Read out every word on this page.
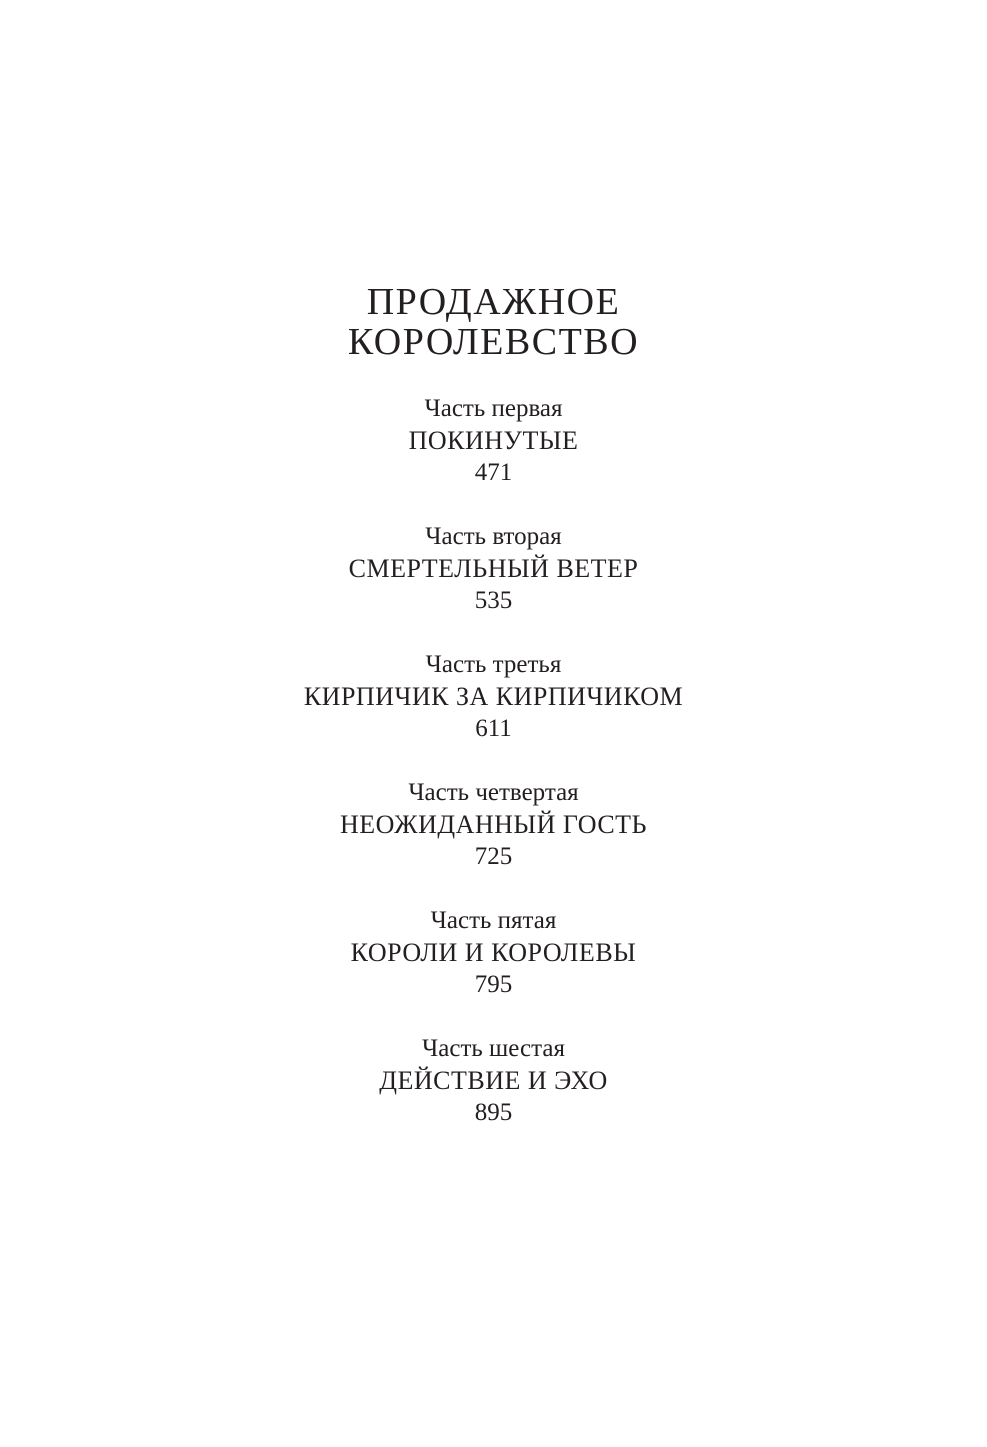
ПРОДАЖНОЕ
КОРОЛЕВСТВО
Часть первая
ПОКИНУТЫЕ
471
Часть вторая
СМЕРТЕЛЬНЫЙ ВЕТЕР
535
Часть третья
КИРПИЧИК ЗА КИРПИЧИКОМ
611
Часть четвертая
НЕОЖИДАННЫЙ ГОСТЬ
725
Часть пятая
КОРОЛИ И КОРОЛЕВЫ
795
Часть шестая
ДЕЙСТВИЕ И ЭХО
895
